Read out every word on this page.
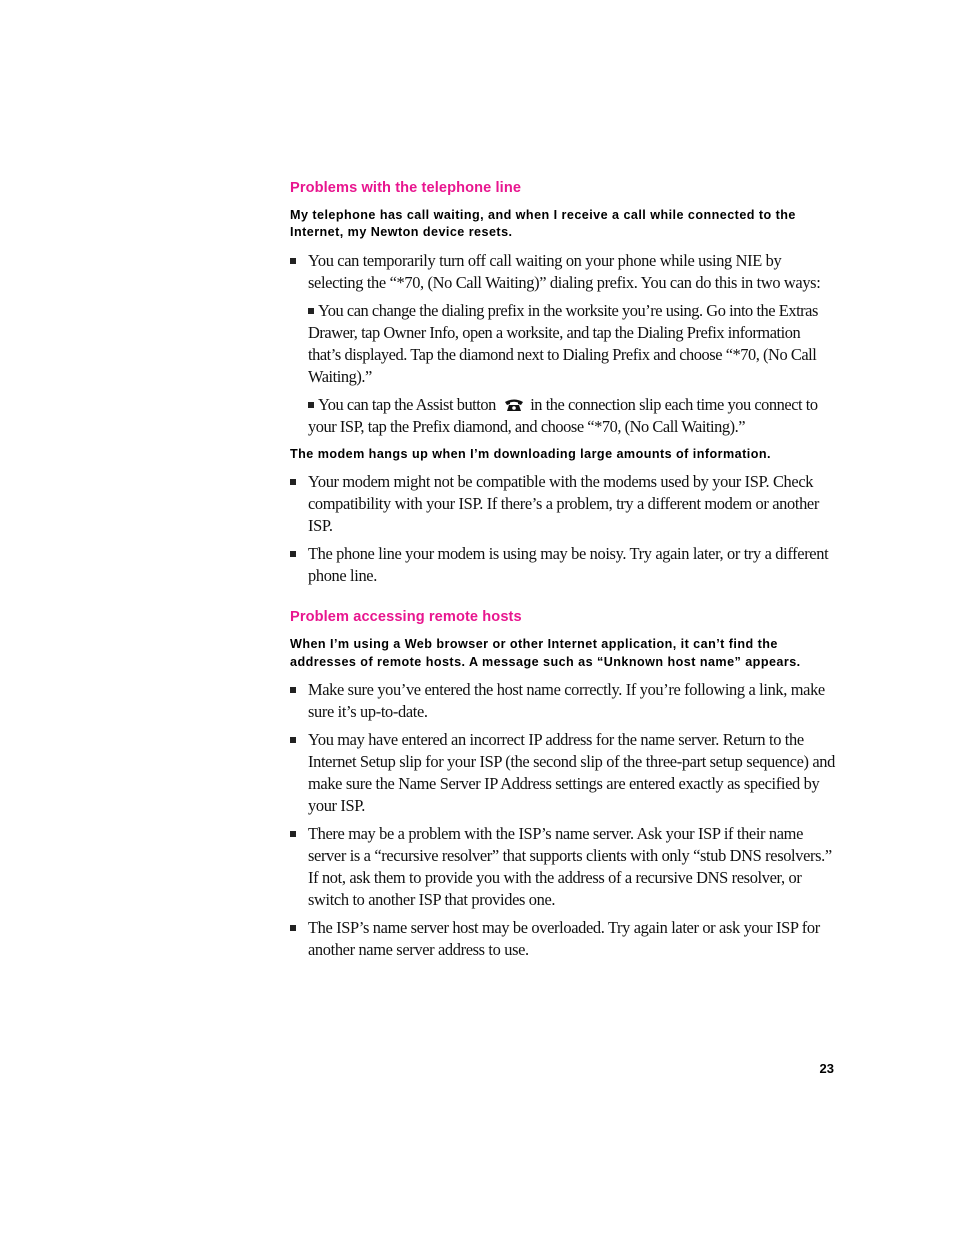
Problems with the telephone line

My telephone has call waiting, and when I receive a call while connected to the Internet, my Newton device resets.

You can temporarily turn off call waiting on your phone while using NIE by selecting the “*70, (No Call Waiting)” dialing prefix. You can do this in two ways:

You can change the dialing prefix in the worksite you’re using. Go into the Extras Drawer, tap Owner Info, open a worksite, and tap the Dialing Prefix information that’s displayed. Tap the diamond next to Dialing Prefix and choose “*70, (No Call Waiting).”

You can tap the Assist button in the connection slip each time you connect to your ISP, tap the Prefix diamond, and choose “*70, (No Call Waiting).”

The modem hangs up when I’m downloading large amounts of information.

Your modem might not be compatible with the modems used by your ISP. Check compatibility with your ISP. If there’s a problem, try a different modem or another ISP.

The phone line your modem is using may be noisy. Try again later, or try a different phone line.

Problem accessing remote hosts

When I’m using a Web browser or other Internet application, it can’t find the addresses of remote hosts. A message such as “Unknown host name” appears.

Make sure you’ve entered the host name correctly. If you’re following a link, make sure it’s up-to-date.

You may have entered an incorrect IP address for the name server. Return to the Internet Setup slip for your ISP (the second slip of the three-part setup sequence) and make sure the Name Server IP Address settings are entered exactly as specified by your ISP.

There may be a problem with the ISP’s name server. Ask your ISP if their name server is a “recursive resolver” that supports clients with only “stub DNS resolvers.” If not, ask them to provide you with the address of a recursive DNS resolver, or switch to another ISP that provides one.

The ISP’s name server host may be overloaded. Try again later or ask your ISP for another name server address to use.

23
